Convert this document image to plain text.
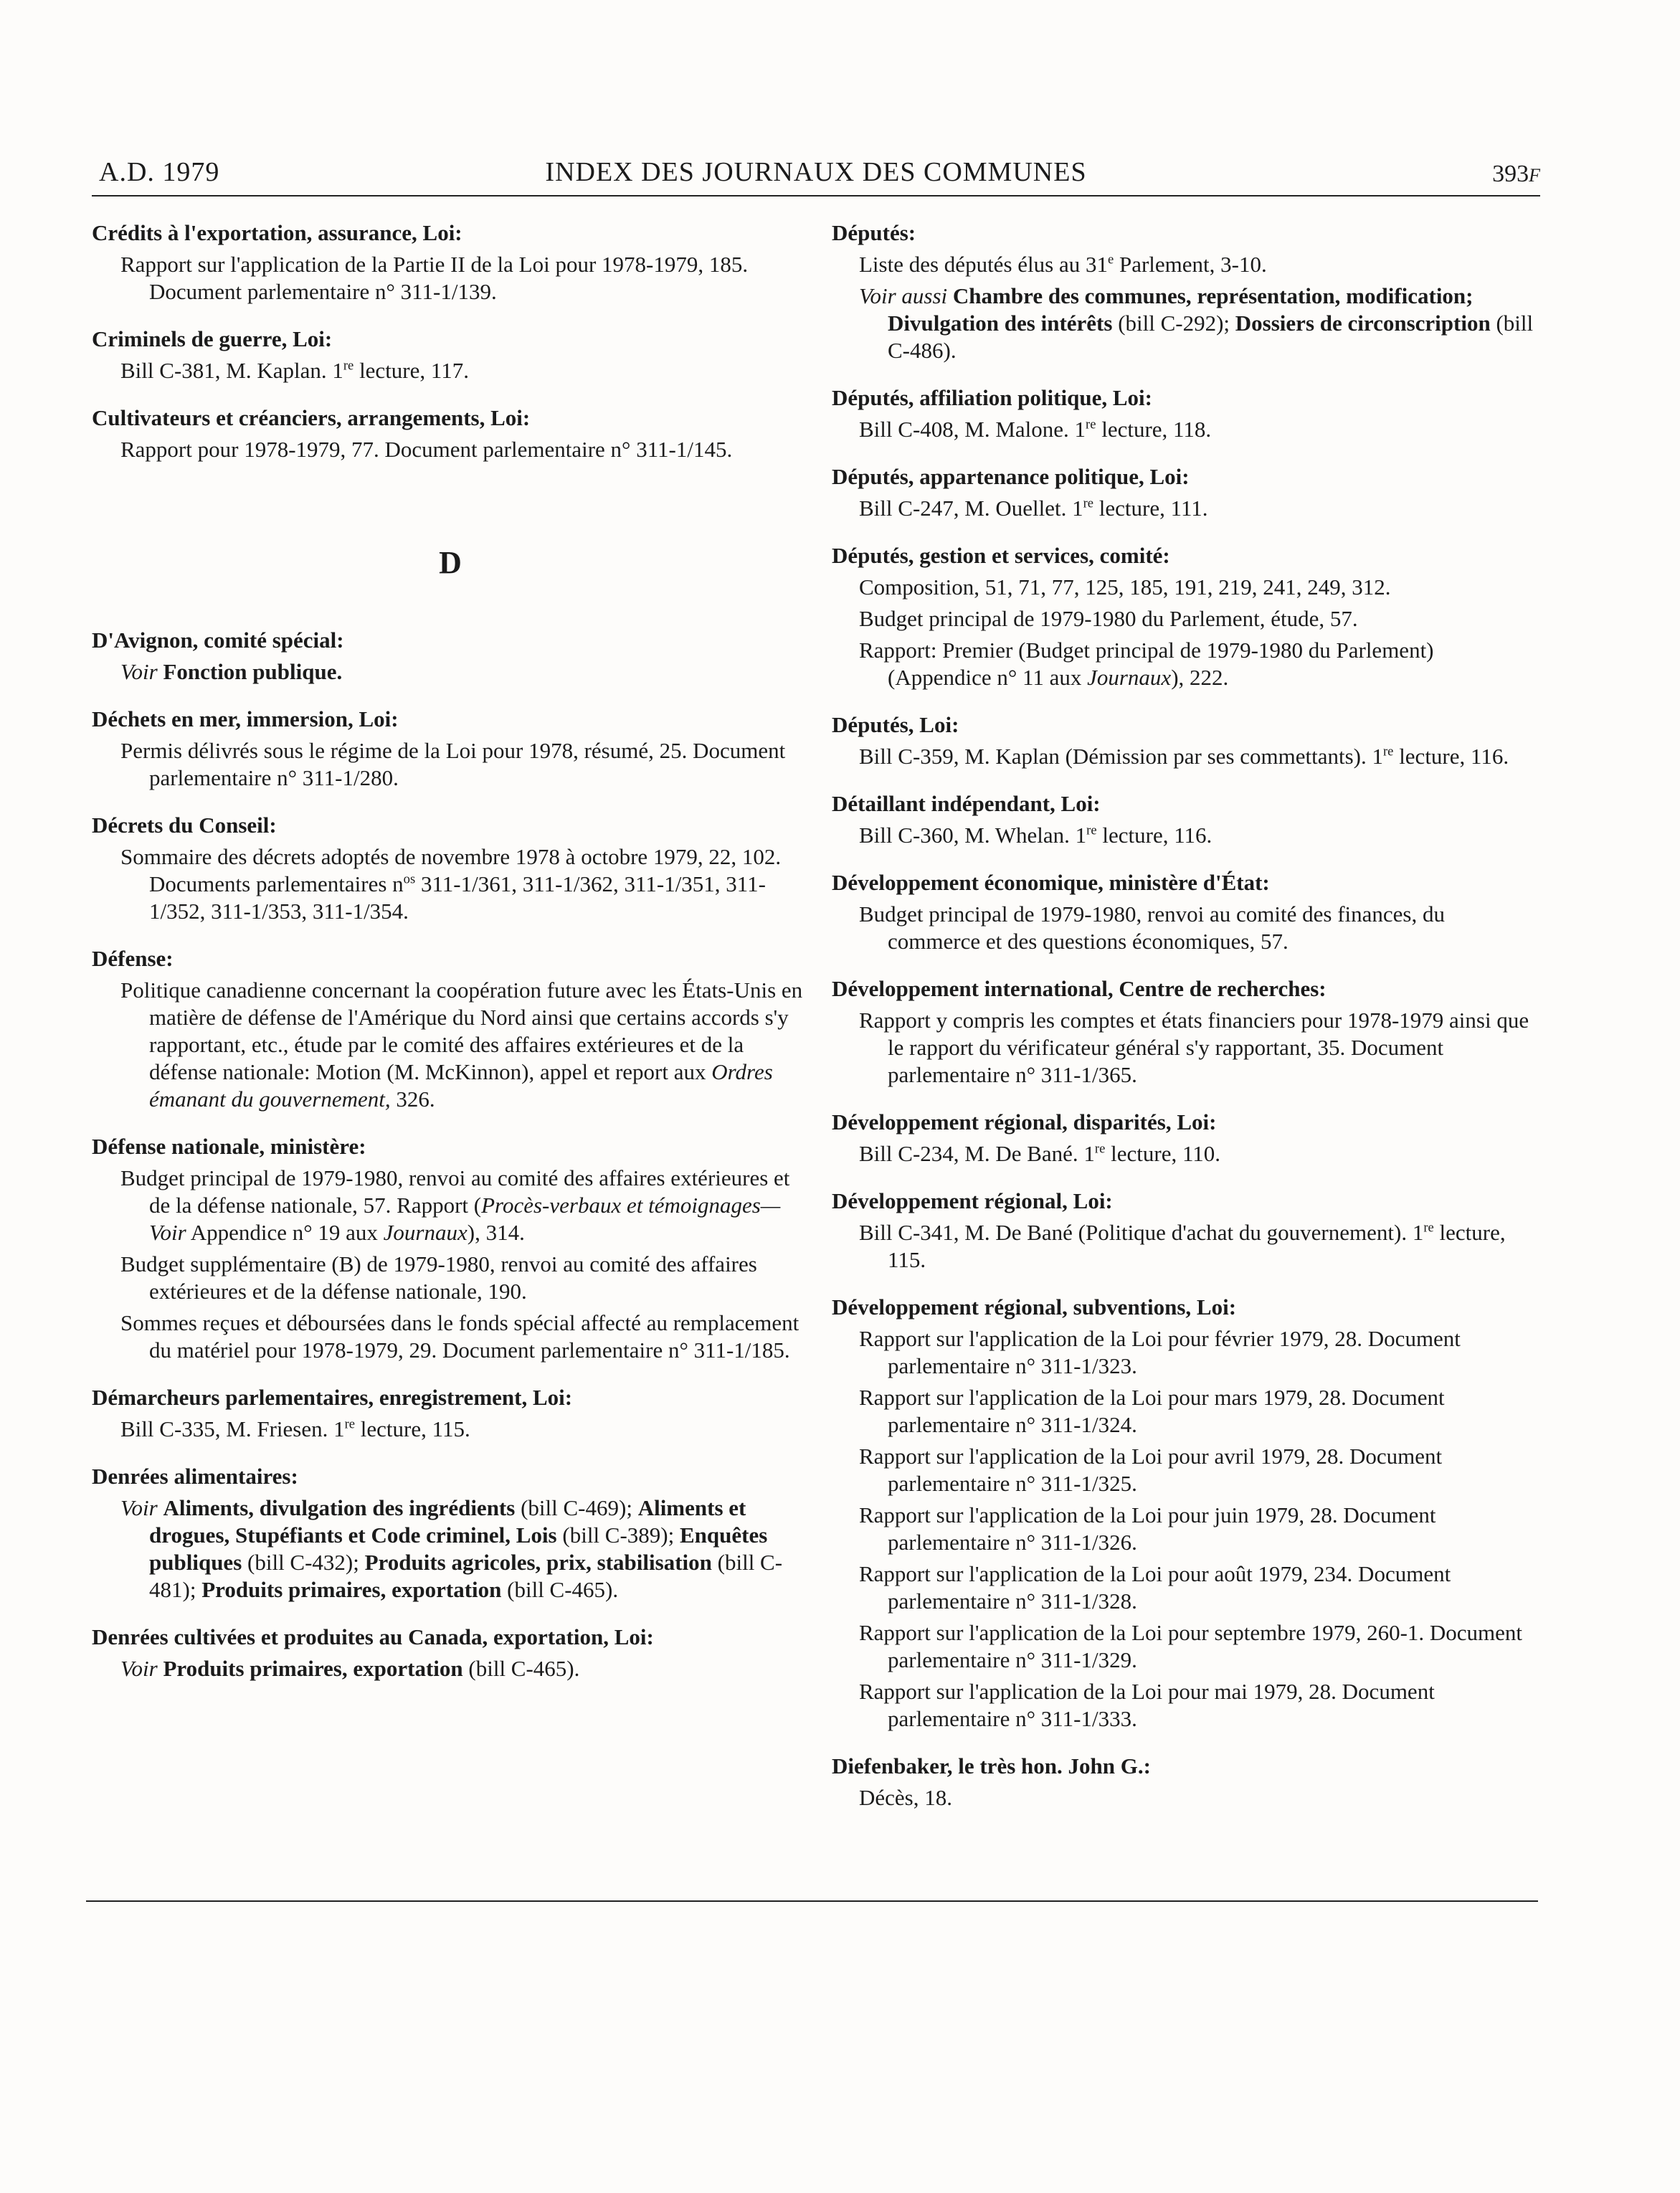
A.D. 1979	INDEX DES JOURNAUX DES COMMUNES	393F
Crédits à l'exportation, assurance, Loi:
Rapport sur l'application de la Partie II de la Loi pour 1978-1979, 185. Document parlementaire n° 311-1/139.
Criminels de guerre, Loi:
Bill C-381, M. Kaplan. 1re lecture, 117.
Cultivateurs et créanciers, arrangements, Loi:
Rapport pour 1978-1979, 77. Document parlementaire n° 311-1/145.
D
D'Avignon, comité spécial:
Voir Fonction publique.
Déchets en mer, immersion, Loi:
Permis délivrés sous le régime de la Loi pour 1978, résumé, 25. Document parlementaire n° 311-1/280.
Décrets du Conseil:
Sommaire des décrets adoptés de novembre 1978 à octobre 1979, 22, 102. Documents parlementaires $n^{os}$ 311-1/361, 311-1/362, 311-1/351, 311-1/352, 311-1/353, 311-1/354.
Défense:
Politique canadienne concernant la coopération future avec les États-Unis en matière de défense de l'Amérique du Nord ainsi que certains accords s'y rapportant, etc., étude par le comité des affaires extérieures et de la défense nationale: Motion (M. McKinnon), appel et report aux Ordres émanant du gouvernement, 326.
Défense nationale, ministère:
Budget principal de 1979-1980, renvoi au comité des affaires extérieures et de la défense nationale, 57. Rapport (Procès-verbaux et témoignages—Voir Appendice n° 19 aux Journaux), 314.
Budget supplémentaire (B) de 1979-1980, renvoi au comité des affaires extérieures et de la défense nationale, 190.
Sommes reçues et déboursées dans le fonds spécial affecté au remplacement du matériel pour 1978-1979, 29. Document parlementaire n° 311-1/185.
Démarcheurs parlementaires, enregistrement, Loi:
Bill C-335, M. Friesen. 1re lecture, 115.
Denrées alimentaires:
Voir Aliments, divulgation des ingrédients (bill C-469); Aliments et drogues, Stupéfiants et Code criminel, Lois (bill C-389); Enquêtes publiques (bill C-432); Produits agricoles, prix, stabilisation (bill C-481); Produits primaires, exportation (bill C-465).
Denrées cultivées et produites au Canada, exportation, Loi:
Voir Produits primaires, exportation (bill C-465).
Députés:
Liste des députés élus au 31e Parlement, 3-10.
Voir aussi Chambre des communes, représentation, modification; Divulgation des intérêts (bill C-292); Dossiers de circonscription (bill C-486).
Députés, affiliation politique, Loi:
Bill C-408, M. Malone. 1re lecture, 118.
Députés, appartenance politique, Loi:
Bill C-247, M. Ouellet. 1re lecture, 111.
Députés, gestion et services, comité:
Composition, 51, 71, 77, 125, 185, 191, 219, 241, 249, 312.
Budget principal de 1979-1980 du Parlement, étude, 57.
Rapport: Premier (Budget principal de 1979-1980 du Parlement) (Appendice n° 11 aux Journaux), 222.
Députés, Loi:
Bill C-359, M. Kaplan (Démission par ses commettants). 1re lecture, 116.
Détaillant indépendant, Loi:
Bill C-360, M. Whelan. 1re lecture, 116.
Développement économique, ministère d'État:
Budget principal de 1979-1980, renvoi au comité des finances, du commerce et des questions économiques, 57.
Développement international, Centre de recherches:
Rapport y compris les comptes et états financiers pour 1978-1979 ainsi que le rapport du vérificateur général s'y rapportant, 35. Document parlementaire n° 311-1/365.
Développement régional, disparités, Loi:
Bill C-234, M. De Bané. 1re lecture, 110.
Développement régional, Loi:
Bill C-341, M. De Bané (Politique d'achat du gouvernement). 1re lecture, 115.
Développement régional, subventions, Loi:
Rapport sur l'application de la Loi pour février 1979, 28. Document parlementaire n° 311-1/323.
Rapport sur l'application de la Loi pour mars 1979, 28. Document parlementaire n° 311-1/324.
Rapport sur l'application de la Loi pour avril 1979, 28. Document parlementaire n° 311-1/325.
Rapport sur l'application de la Loi pour juin 1979, 28. Document parlementaire n° 311-1/326.
Rapport sur l'application de la Loi pour août 1979, 234. Document parlementaire n° 311-1/328.
Rapport sur l'application de la Loi pour septembre 1979, 260-1. Document parlementaire n° 311-1/329.
Rapport sur l'application de la Loi pour mai 1979, 28. Document parlementaire n° 311-1/333.
Diefenbaker, le très hon. John G.:
Décès, 18.
